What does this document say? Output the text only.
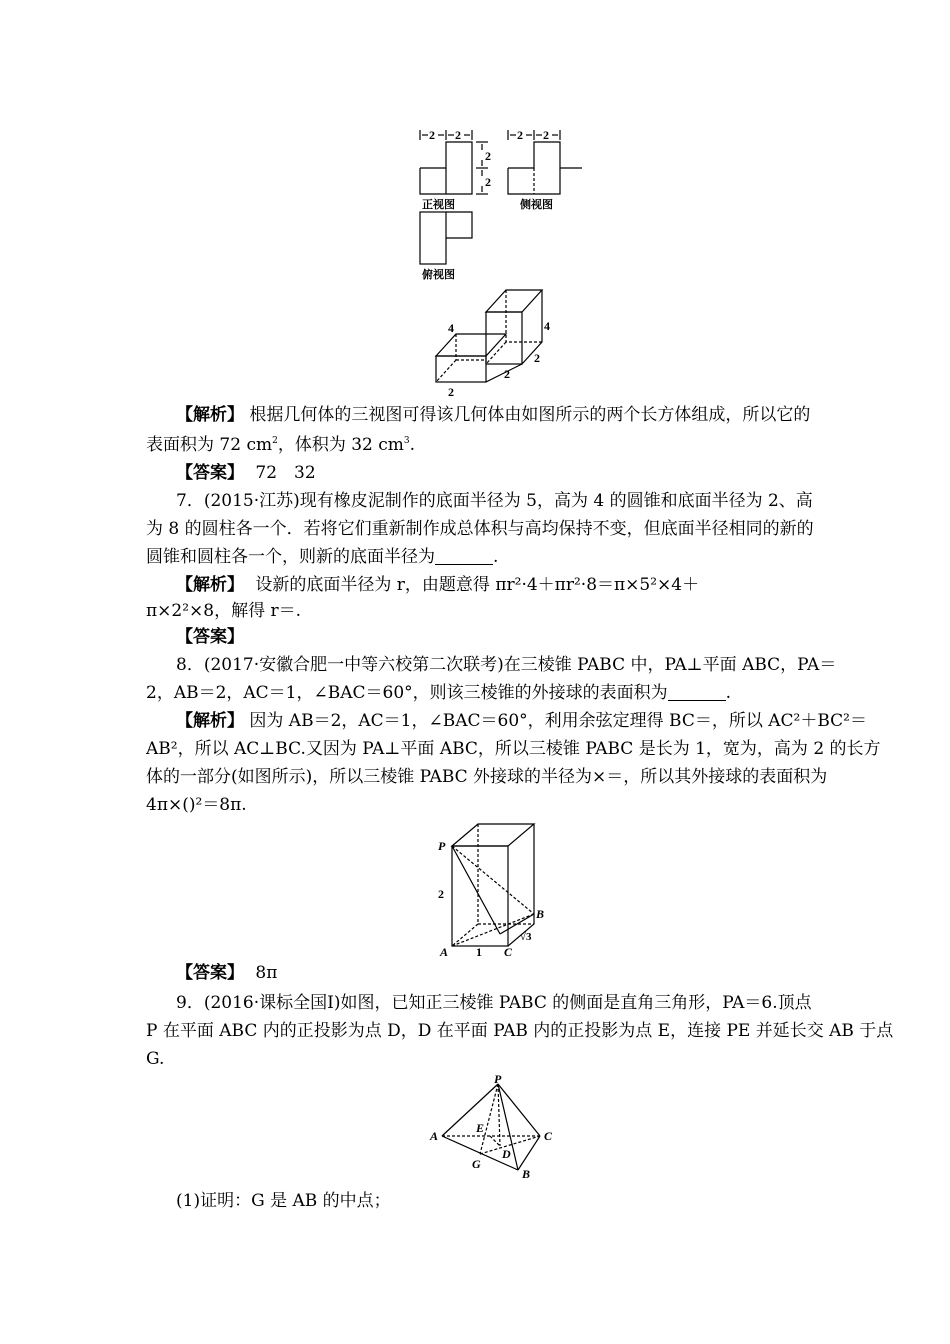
2 2
2
2
2 2
正视图	侧视图
俯视图
4	4
2
2
2
【解析】 根据几何体的三视图可得该几何体由如图所示的两个长方体组成，所以它的
表面积为 72 $cm^2$，体积为 32 $cm^3$.
【答案】 72　32
7．(2015·江苏)现有橡皮泥制作的底面半径为 5，高为 4 的圆锥和底面半径为 2、高
为 8 的圆柱各一个．若将它们重新制作成总体积与高均保持不变，但底面半径相同的新的
圆锥和圆柱各一个，则新的底面半径为	.
【解析】 设新的底面半径为 r，由题意得 πr²·4＋πr²·8＝π×5²×4＋
π×2²×8，解得 r＝.
【答案】
8．(2017·安徽合肥一中等六校第二次联考)在三棱锥 PABC 中，PA⊥平面 ABC，PA＝
2，AB＝2，AC＝1，∠BAC＝60°，则该三棱锥的外接球的表面积为	.
【解析】 因为 AB＝2，AC＝1，∠BAC＝60°，利用余弦定理得 BC＝，所以 AC²＋BC²＝
AB²，所以 AC⊥BC.又因为 PA⊥平面 ABC，所以三棱锥 PABC 是长为 1，宽为，高为 2 的长方
体的一部分(如图所示)，所以三棱锥 PABC 外接球的半径为×＝，所以其外接球的表面积为
4π×()²＝8π.
P
2
B
√3
A 1 C
【答案】 8π
9．(2016·课标全国Ⅰ)如图，已知正三棱锥 PABC 的侧面是直角三角形，PA＝6.顶点
P 在平面 ABC 内的正投影为点 D，D 在平面 PAB 内的正投影为点 E，连接 PE 并延长交 AB 于点
G.
P
A
E
C
G
D
B
(1)证明：G 是 AB 的中点；
